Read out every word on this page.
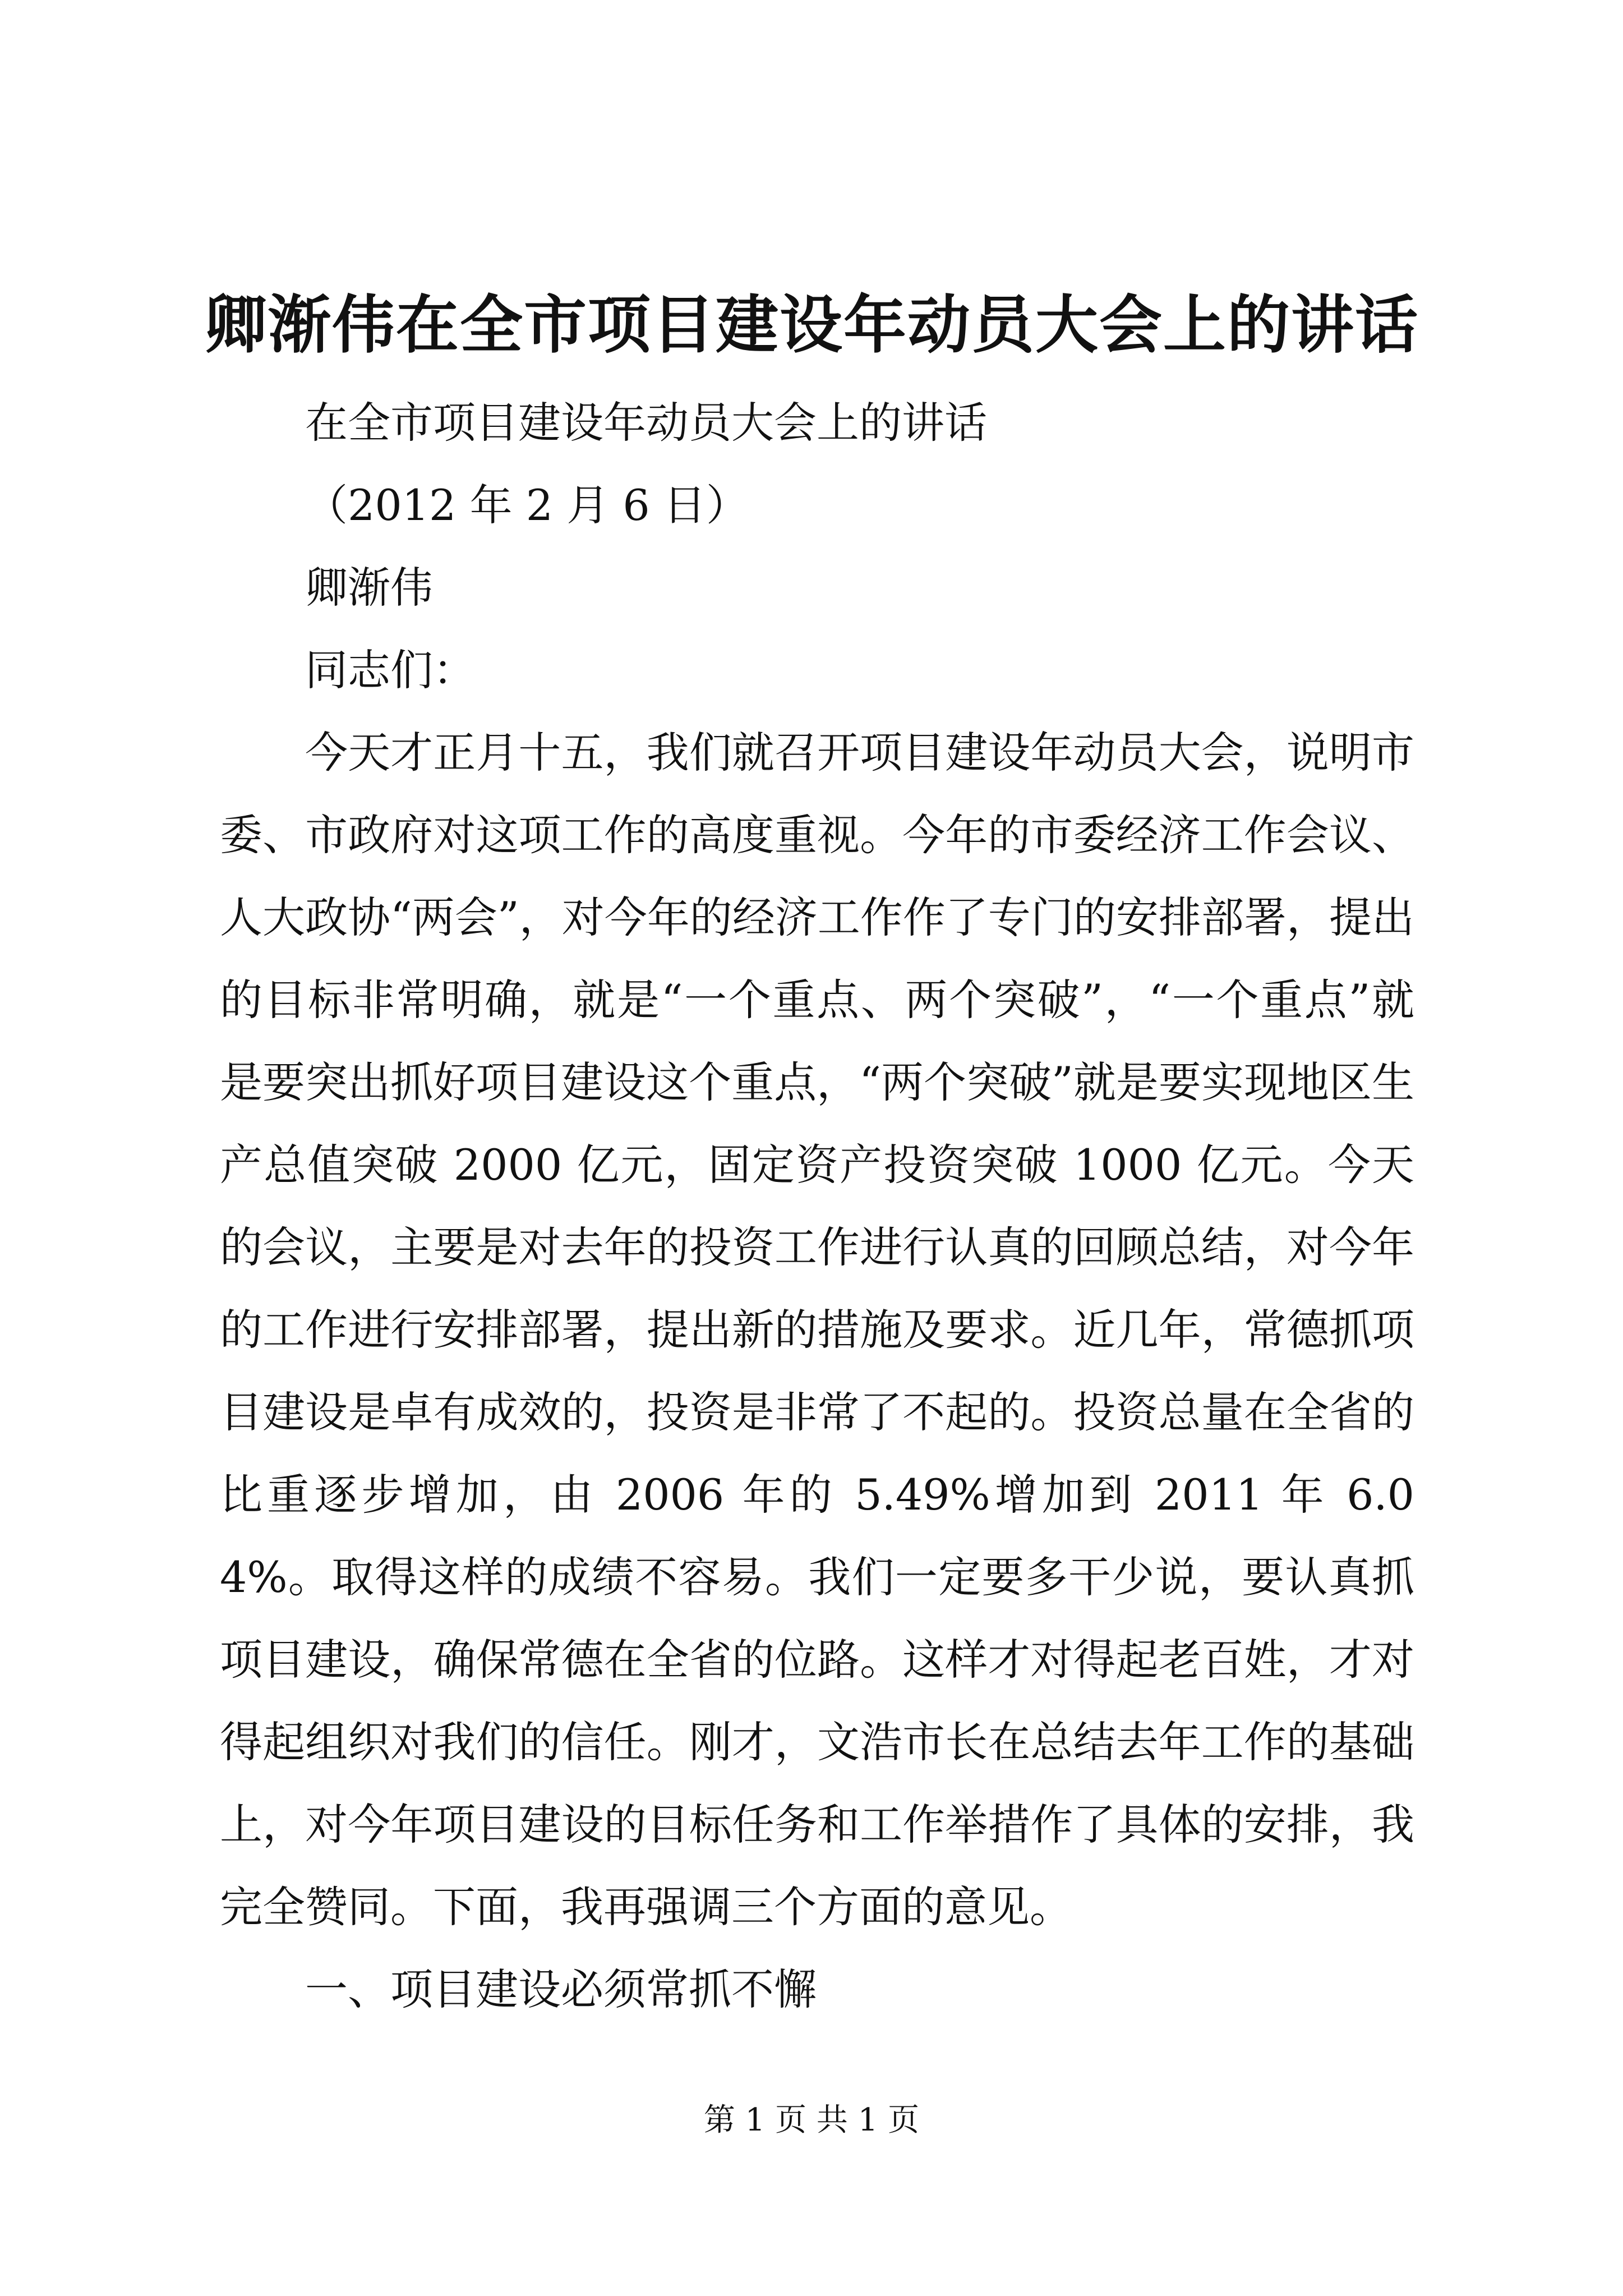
卿渐伟在全市项目建设年动员大会上的讲话

在全市项目建设年动员大会上的讲话

（2012 年 2 月 6 日）

卿渐伟

同志们：

今天才正月十五，我们就召开项目建设年动员大会，说明市委、市政府对这项工作的高度重视。今年的市委经济工作会议、人大政协“两会”，对今年的经济工作作了专门的安排部署，提出的目标非常明确，就是“一个重点、两个突破”，“一个重点”就是要突出抓好项目建设这个重点，“两个突破”就是要实现地区生产总值突破 2000 亿元，固定资产投资突破 1000 亿元。今天的会议，主要是对去年的投资工作进行认真的回顾总结，对今年的工作进行安排部署，提出新的措施及要求。近几年，常德抓项目建设是卓有成效的，投资是非常了不起的。投资总量在全省的比重逐步增加，由 2006 年的 5.49%增加到 2011 年 6.04%。取得这样的成绩不容易。我们一定要多干少说，要认真抓项目建设，确保常德在全省的位路。这样才对得起老百姓，才对得起组织对我们的信任。刚才，文浩市长在总结去年工作的基础上，对今年项目建设的目标任务和工作举措作了具体的安排，我完全赞同。下面，我再强调三个方面的意见。

一、项目建设必须常抓不懈

第 1 页 共 1 页
